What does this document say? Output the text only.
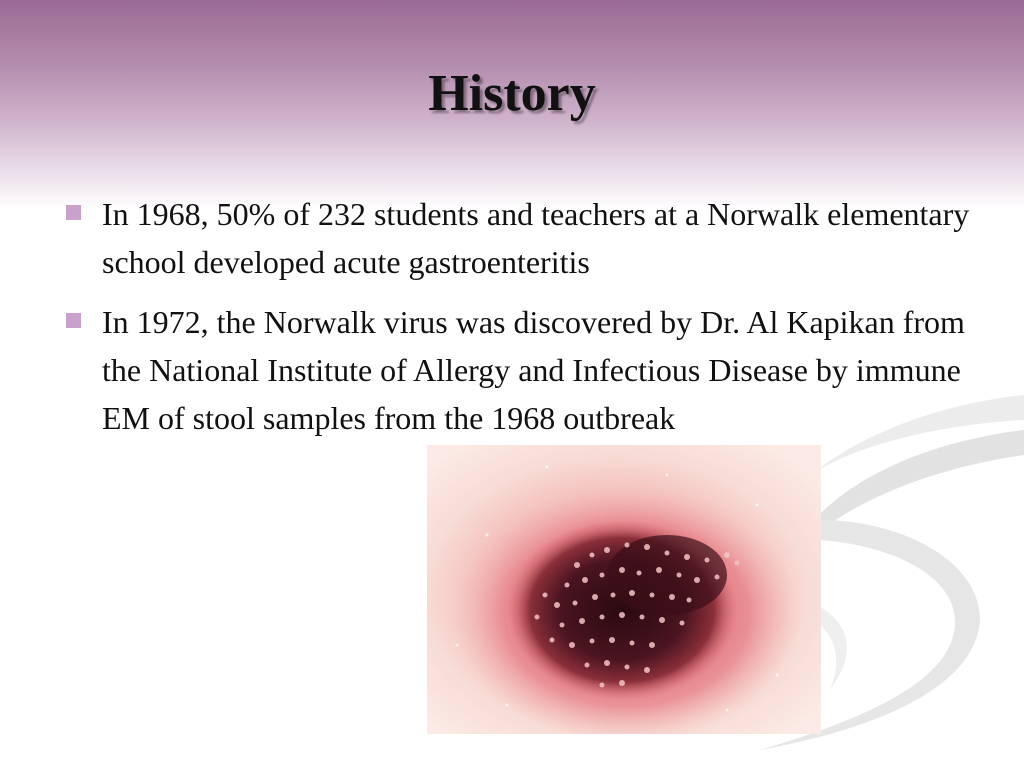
History
In 1968, 50% of 232 students and teachers at a Norwalk elementary school developed acute gastroenteritis
In 1972, the Norwalk virus was discovered by Dr. Al Kapikan from the National Institute of Allergy and Infectious Disease by immune EM of stool samples from the 1968 outbreak
